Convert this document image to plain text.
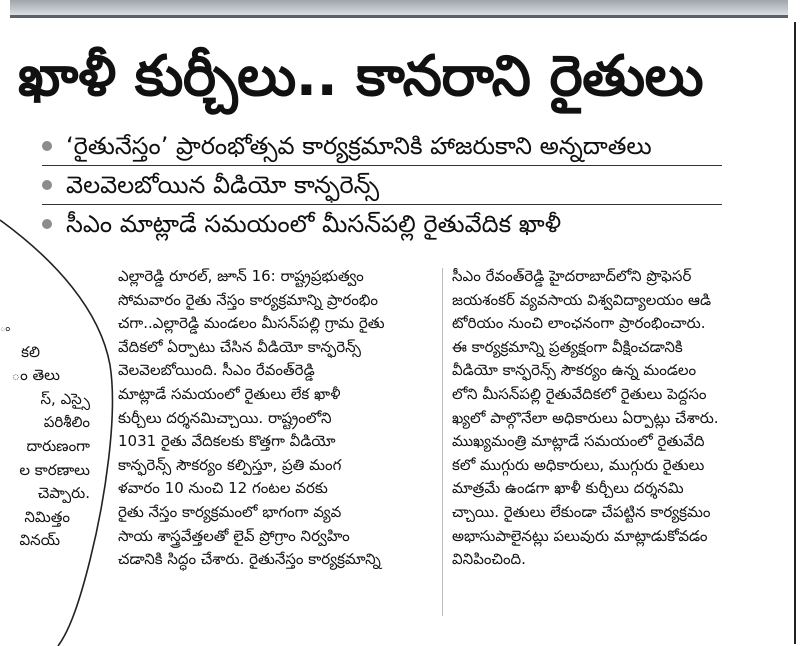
ఖాళీ కుర్చీలు.. కానరాని రైతులు
‘రైతునేస్తం’ ప్రారంభోత్సవ కార్యక్రమానికి హాజరుకాని అన్నదాతలు
వెలవెలబోయిన వీడియో కాన్ఫరెన్స్
సీఎం మాట్లాడే సమయంలో మీసన్‌పల్లి రైతువేదిక ఖాళీ

ం

కలి

ం తెలు

స్, ఎస్సై

పరిశీలిం

దారుణంగా

ల కారణాలు

చెప్పారు.

నిమిత్తం

వినయ్

ఎల్లారెడ్డి రూరల్, జూన్ 16: రాష్ట్రప్రభుత్వం

సోమవారం రైతు నేస్తం కార్యక్రమాన్ని ప్రారంభిం

చగా..ఎల్లారెడ్డి మండలం మీసన్‌పల్లి గ్రామ రైతు

వేదికలో ఏర్పాటు చేసిన వీడియో కాన్ఫరెన్స్

వెలవెలబోయింది. సీఎం రేవంత్‌రెడ్డి

మాట్లాడే సమయంలో రైతులు లేక ఖాళీ

కుర్చీలు దర్శనమిచ్చాయి. రాష్ట్రంలోని

1031 రైతు వేదికలకు కొత్తగా వీడియో

కాన్ఫరెన్స్ సౌకర్యం కల్పిస్తూ, ప్రతి మంగ

ళవారం 10 నుంచి 12 గంటల వరకు

రైతు నేస్తం కార్యక్రమంలో భాగంగా వ్యవ

సాయ శాస్త్రవేత్తలతో లైవ్ ప్రోగ్రాం నిర్వహిం

చడానికి సిద్ధం చేశారు. రైతునేస్తం కార్యక్రమాన్ని

సీఎం రేవంత్‌రెడ్డి హైదరాబాద్‌లోని ప్రొఫెసర్

జయశంకర్ వ్యవసాయ విశ్వవిద్యాలయం ఆడి

టోరియం నుంచి లాంఛనంగా ప్రారంభించారు.

ఈ కార్యక్రమాన్ని ప్రత్యక్షంగా వీక్షించడానికి

వీడియో కాన్ఫరెన్స్ సౌకర్యం ఉన్న మండలం

లోని మీసన్‌పల్లి రైతువేదికలో రైతులు పెద్దసం

ఖ్యలో పాల్గొనేలా అధికారులు ఏర్పాట్లు చేశారు.

ముఖ్యమంత్రి మాట్లాడే సమయంలో రైతువేది

కలో ముగ్గురు అధికారులు, ముగ్గురు రైతులు

మాత్రమే ఉండగా ఖాళీ కుర్చీలు దర్శనమి

చ్చాయి. రైతులు లేకుండా చేపట్టిన కార్యక్రమం

అభాసుపాలైనట్లు పలువురు మాట్లాడుకోవడం

వినిపించింది.
